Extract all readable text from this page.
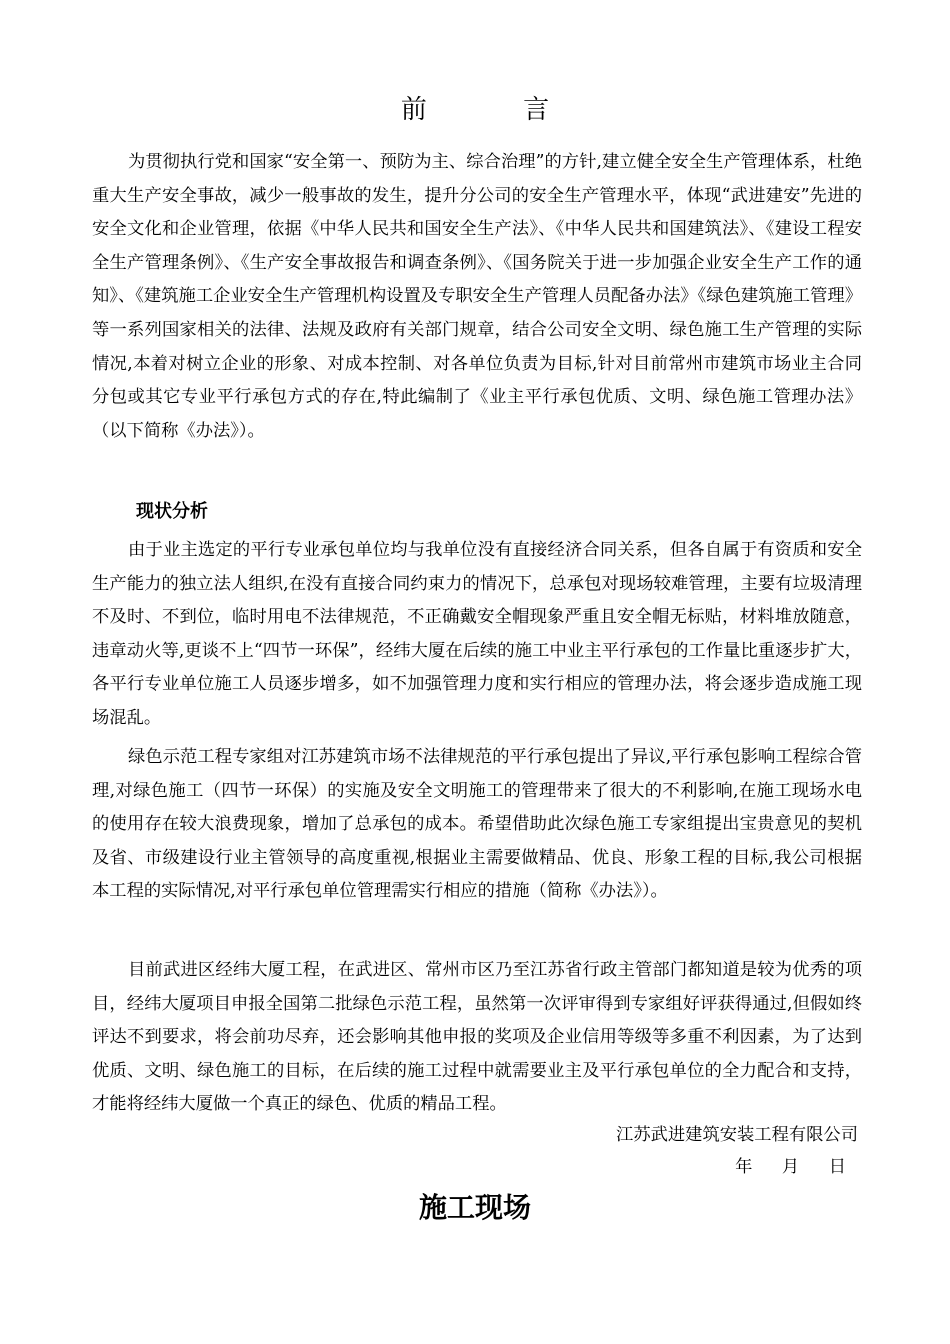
前 言

为贯彻执行党和国家“安全第一、预防为主、综合治理”的方针,建立健全安全生产管理体系，杜绝重大生产安全事故，减少一般事故的发生，提升分公司的安全生产管理水平，体现“武进建安”先进的安全文化和企业管理，依据《中华人民共和国安全生产法》、《中华人民共和国建筑法》、《建设工程安全生产管理条例》、《生产安全事故报告和调查条例》、《国务院关于进一步加强企业安全生产工作的通知》、《建筑施工企业安全生产管理机构设置及专职安全生产管理人员配备办法》《绿色建筑施工管理》等一系列国家相关的法律、法规及政府有关部门规章，结合公司安全文明、绿色施工生产管理的实际情况,本着对树立企业的形象、对成本控制、对各单位负责为目标,针对目前常州市建筑市场业主合同分包或其它专业平行承包方式的存在,特此编制了《业主平行承包优质、文明、绿色施工管理办法》（以下简称《办法》）。

现状分析

由于业主选定的平行专业承包单位均与我单位没有直接经济合同关系，但各自属于有资质和安全生产能力的独立法人组织,在没有直接合同约束力的情况下，总承包对现场较难管理，主要有垃圾清理不及时、不到位，临时用电不法律规范，不正确戴安全帽现象严重且安全帽无标贴，材料堆放随意，违章动火等,更谈不上“四节一环保”，经纬大厦在后续的施工中业主平行承包的工作量比重逐步扩大，各平行专业单位施工人员逐步增多，如不加强管理力度和实行相应的管理办法，将会逐步造成施工现场混乱。

绿色示范工程专家组对江苏建筑市场不法律规范的平行承包提出了异议,平行承包影响工程综合管理,对绿色施工（四节一环保）的实施及安全文明施工的管理带来了很大的不利影响,在施工现场水电的使用存在较大浪费现象，增加了总承包的成本。希望借助此次绿色施工专家组提出宝贵意见的契机及省、市级建设行业主管领导的高度重视,根据业主需要做精品、优良、形象工程的目标,我公司根据本工程的实际情况,对平行承包单位管理需实行相应的措施（简称《办法》）。

目前武进区经纬大厦工程，在武进区、常州市区乃至江苏省行政主管部门都知道是较为优秀的项目，经纬大厦项目申报全国第二批绿色示范工程，虽然第一次评审得到专家组好评获得通过,但假如终评达不到要求，将会前功尽弃，还会影响其他申报的奖项及企业信用等级等多重不利因素，为了达到优质、文明、绿色施工的目标，在后续的施工过程中就需要业主及平行承包单位的全力配合和支持，才能将经纬大厦做一个真正的绿色、优质的精品工程。

江苏武进建筑安装工程有限公司
年 月 日
施工现场
